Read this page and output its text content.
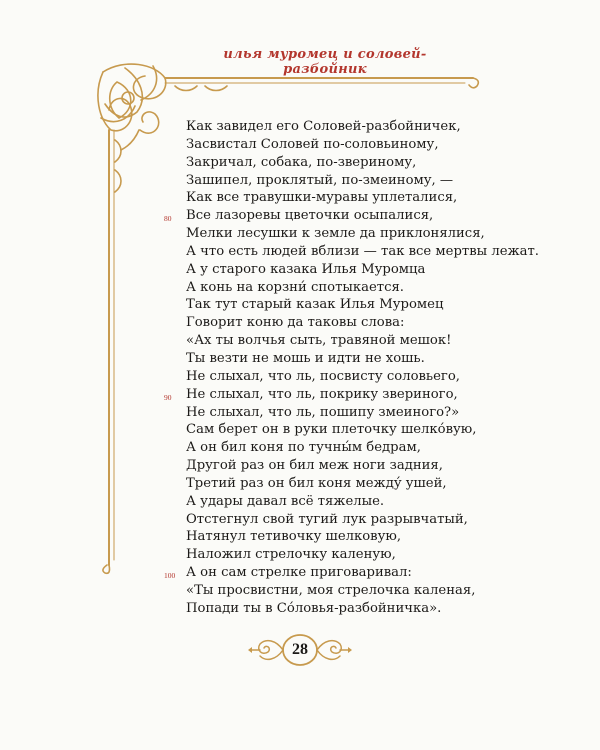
илья муромец и соловей-разбойник
Как завидел его Соловей-разбойничек,
Засвистал Соловей по-соловьиному,
Закричал, собака, по-звериному,
Зашипел, проклятый, по-змеиному, —
Как все травушки-муравы уплеталися,
80 Все лазоревы цветочки осыпалися,
Мелки лесушки к земле да приклонялися,
А что есть людей вблизи — так все мертвы лежат.
А у старого казака Илья Муромца
А конь на корзни́ спотыкается.
Так тут старый казак Илья Муромец
Говорит коню да таковы слова:
«Ах ты волчья сыть, травяной мешок!
Ты везти не мошь и идти не хошь.
Не слыхал, что ль, посвисту соловьего,
90 Не слыхал, что ль, покрику звериного,
Не слыхал, что ль, пошипу змеиного?»
Сам берет он в руки плеточку шелко́вую,
А он бил коня по тучны́м бедрам,
Другой раз он бил меж ноги задния,
Третий раз он бил коня между́ ушей,
А удары давал всё тяжелые.
Отстегнул свой тугий лук разрывчатый,
Натянул тетивочку шелковую,
Наложил стрелочку каленую,
100 А он сам стрелке приговаривал:
«Ты просвистни, моя стрелочка каленая,
Попади ты в Со́ловья-разбойничка».
28
